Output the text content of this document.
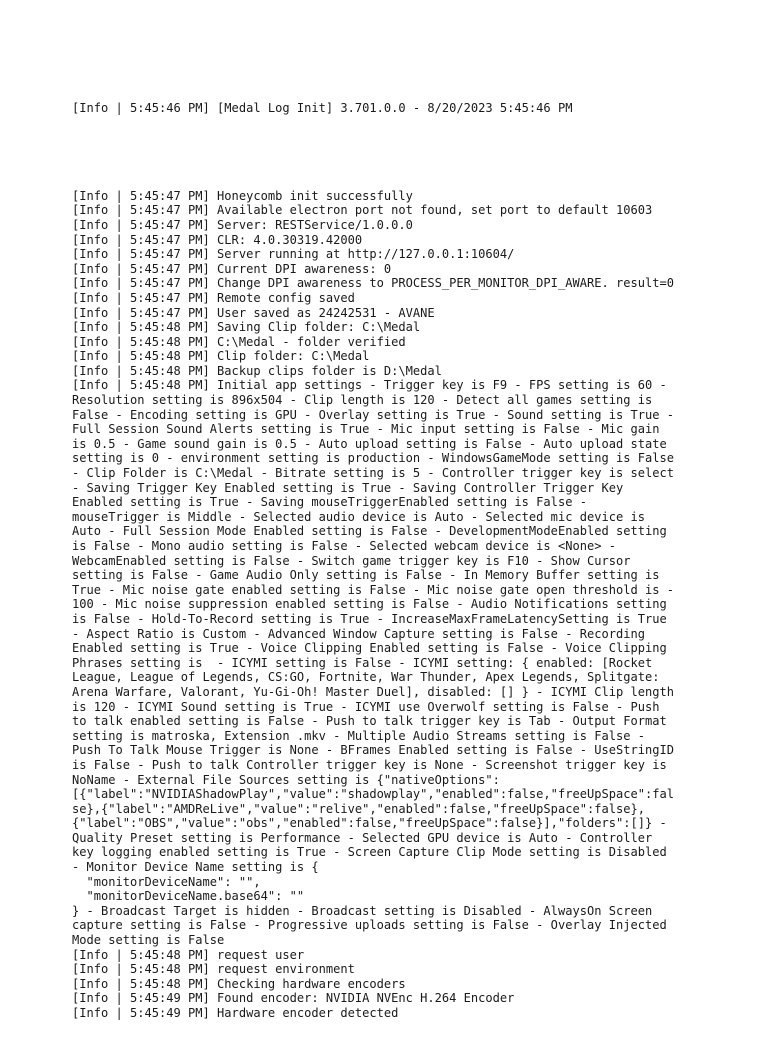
[Info | 5:45:46 PM] [Medal Log Init] 3.701.0.0 - 8/20/2023 5:45:46 PM

[Info | 5:45:47 PM] Honeycomb init successfully
[Info | 5:45:47 PM] Available electron port not found, set port to default 10603
[Info | 5:45:47 PM] Server: RESTService/1.0.0.0
[Info | 5:45:47 PM] CLR: 4.0.30319.42000
[Info | 5:45:47 PM] Server running at http://127.0.0.1:10604/
[Info | 5:45:47 PM] Current DPI awareness: 0
[Info | 5:45:47 PM] Change DPI awareness to PROCESS_PER_MONITOR_DPI_AWARE. result=0
[Info | 5:45:47 PM] Remote config saved
[Info | 5:45:47 PM] User saved as 24242531 - AVANE
[Info | 5:45:48 PM] Saving Clip folder: C:\Medal
[Info | 5:45:48 PM] C:\Medal - folder verified
[Info | 5:45:48 PM] Clip folder: C:\Medal
[Info | 5:45:48 PM] Backup clips folder is D:\Medal
[Info | 5:45:48 PM] Initial app settings - Trigger key is F9 - FPS setting is 60 -
Resolution setting is 896x504 - Clip length is 120 - Detect all games setting is
False - Encoding setting is GPU - Overlay setting is True - Sound setting is True -
Full Session Sound Alerts setting is True - Mic input setting is False - Mic gain
is 0.5 - Game sound gain is 0.5 - Auto upload setting is False - Auto upload state
setting is 0 - environment setting is production - WindowsGameMode setting is False
- Clip Folder is C:\Medal - Bitrate setting is 5 - Controller trigger key is select
- Saving Trigger Key Enabled setting is True - Saving Controller Trigger Key
Enabled setting is True - Saving mouseTriggerEnabled setting is False -
mouseTrigger is Middle - Selected audio device is Auto - Selected mic device is
Auto - Full Session Mode Enabled setting is False - DevelopmentModeEnabled setting
is False - Mono audio setting is False - Selected webcam device is <None> -
WebcamEnabled setting is False - Switch game trigger key is F10 - Show Cursor
setting is False - Game Audio Only setting is False - In Memory Buffer setting is
True - Mic noise gate enabled setting is False - Mic noise gate open threshold is -
100 - Mic noise suppression enabled setting is False - Audio Notifications setting
is False - Hold-To-Record setting is True - IncreaseMaxFrameLatencySetting is True
- Aspect Ratio is Custom - Advanced Window Capture setting is False - Recording
Enabled setting is True - Voice Clipping Enabled setting is False - Voice Clipping
Phrases setting is  - ICYMI setting is False - ICYMI setting: { enabled: [Rocket
League, League of Legends, CS:GO, Fortnite, War Thunder, Apex Legends, Splitgate:
Arena Warfare, Valorant, Yu-Gi-Oh! Master Duel], disabled: [] } - ICYMI Clip length
is 120 - ICYMI Sound setting is True - ICYMI use Overwolf setting is False - Push
to talk enabled setting is False - Push to talk trigger key is Tab - Output Format
setting is matroska, Extension .mkv - Multiple Audio Streams setting is False -
Push To Talk Mouse Trigger is None - BFrames Enabled setting is False - UseStringID
is False - Push to talk Controller trigger key is None - Screenshot trigger key is
NoName - External File Sources setting is {"nativeOptions":
[{"label":"NVIDIAShadowPlay","value":"shadowplay","enabled":false,"freeUpSpace":fal
se},{"label":"AMDReLive","value":"relive","enabled":false,"freeUpSpace":false},
{"label":"OBS","value":"obs","enabled":false,"freeUpSpace":false}],"folders":[]} -
Quality Preset setting is Performance - Selected GPU device is Auto - Controller
key logging enabled setting is True - Screen Capture Clip Mode setting is Disabled
- Monitor Device Name setting is {
"monitorDeviceName": "",
"monitorDeviceName.base64": ""
} - Broadcast Target is hidden - Broadcast setting is Disabled - AlwaysOn Screen
capture setting is False - Progressive uploads setting is False - Overlay Injected
Mode setting is False
[Info | 5:45:48 PM] request user
[Info | 5:45:48 PM] request environment
[Info | 5:45:48 PM] Checking hardware encoders
[Info | 5:45:49 PM] Found encoder: NVIDIA NVEnc H.264 Encoder
[Info | 5:45:49 PM] Hardware encoder detected
